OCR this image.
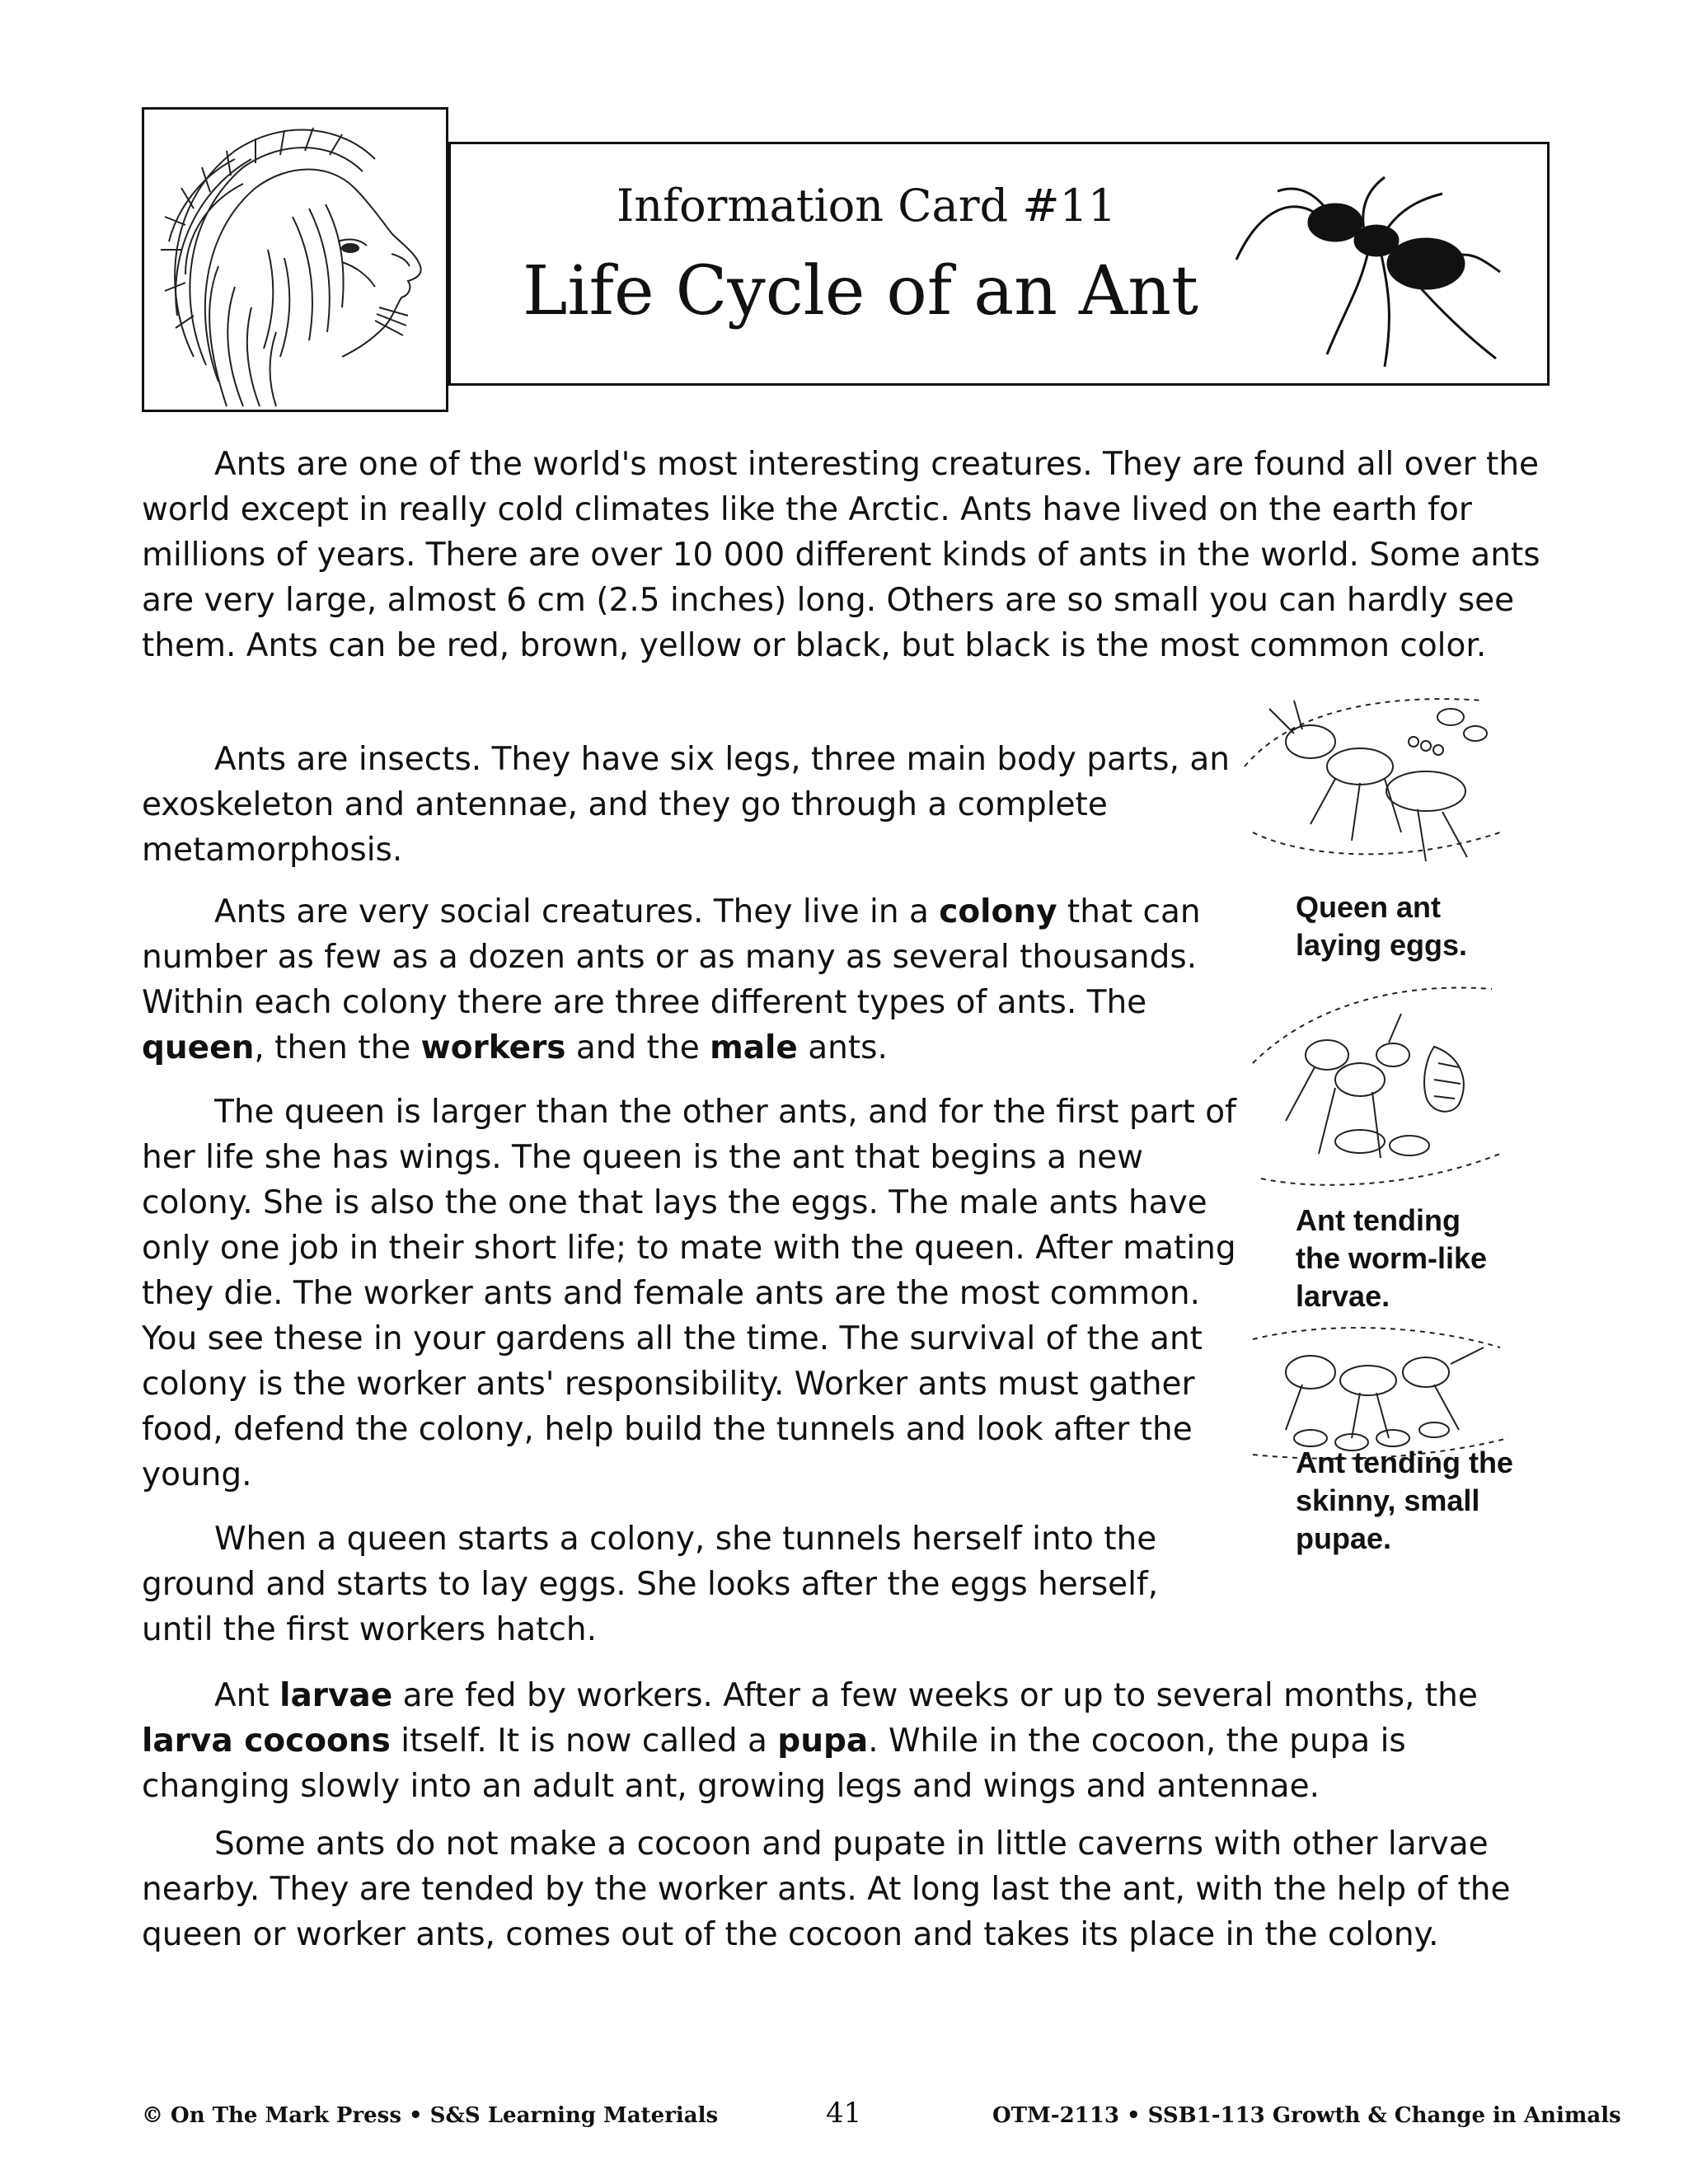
Information Card #11
Life Cycle of an Ant

Ants are one of the world's most interesting creatures. They are found all over the world except in really cold climates like the Arctic. Ants have lived on the earth for millions of years. There are over 10 000 different kinds of ants in the world. Some ants are very large, almost 6 cm (2.5 inches) long. Others are so small you can hardly see them. Ants can be red, brown, yellow or black, but black is the most common color.

Ants are insects. They have six legs, three main body parts, an exoskeleton and antennae, and they go through a complete metamorphosis.

Ants are very social creatures. They live in a colony that can number as few as a dozen ants or as many as several thousands. Within each colony there are three different types of ants. The queen, then the workers and the male ants.

The queen is larger than the other ants, and for the first part of her life she has wings. The queen is the ant that begins a new colony. She is also the one that lays the eggs. The male ants have only one job in their short life; to mate with the queen. After mating they die. The worker ants and female ants are the most common. You see these in your gardens all the time. The survival of the ant colony is the worker ants' responsibility. Worker ants must gather food, defend the colony, help build the tunnels and look after the young.

When a queen starts a colony, she tunnels herself into the ground and starts to lay eggs. She looks after the eggs herself, until the first workers hatch.

Ant larvae are fed by workers. After a few weeks or up to several months, the larva cocoons itself. It is now called a pupa. While in the cocoon, the pupa is changing slowly into an adult ant, growing legs and wings and antennae.

Some ants do not make a cocoon and pupate in little caverns with other larvae nearby. They are tended by the worker ants. At long last the ant, with the help of the queen or worker ants, comes out of the cocoon and takes its place in the colony.

Queen ant
laying eggs.
Ant tending
the worm-like
larvae.
Ant tending the
skinny, small
pupae.
© On The Mark Press • S&S Learning Materials	41	OTM-2113 • SSB1-113 Growth & Change in Animals
